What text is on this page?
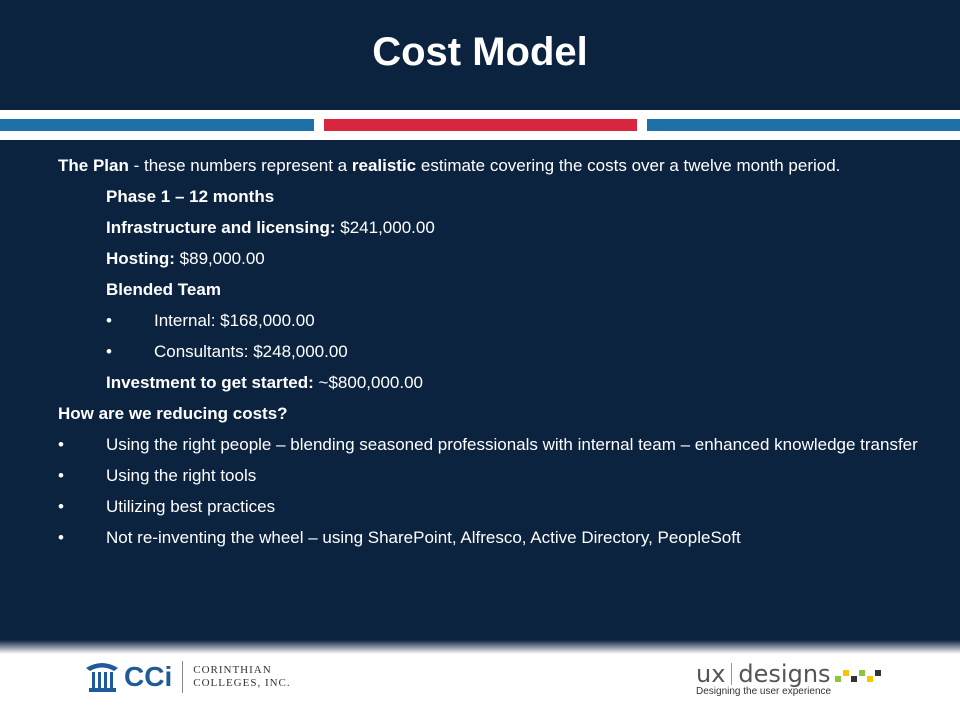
Cost Model

The Plan - these numbers represent a realistic estimate covering the costs over a twelve month period.

Phase 1 – 12 months
Infrastructure and licensing: $241,000.00
Hosting: $89,000.00
Blended Team
•	Internal: $168,000.00
•	Consultants: $248,000.00
Investment to get started: ~$800,000.00
How are we reducing costs?
•	Using the right people – blending seasoned professionals with internal team – enhanced knowledge transfer
•	Using the right tools
•	Utilizing best practices
•	Not re-inventing the wheel – using SharePoint, Alfresco, Active Directory, PeopleSoft
CCi CORINTHIAN
COLLEGES, INC.	ux designs
Designing the user experience
